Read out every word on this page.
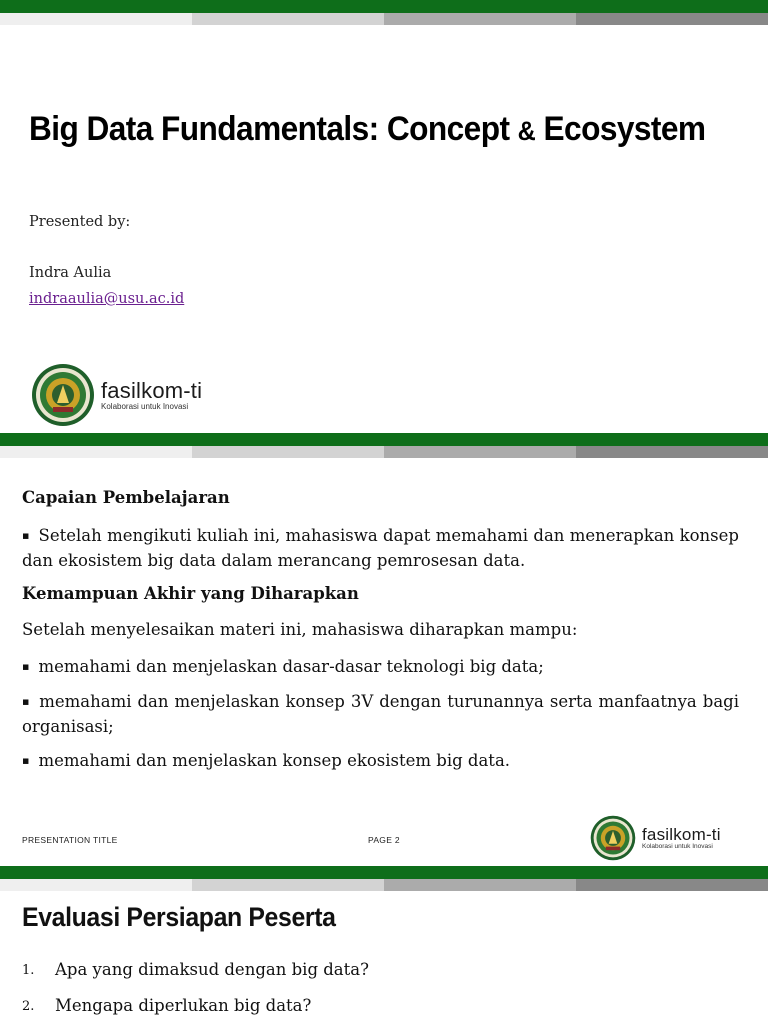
Big Data Fundamentals: Concept & Ecosystem
Presented by:
Indra Aulia
indraaulia@usu.ac.id
fasilkom-ti
Kolaborasi untuk Inovasi
Capaian Pembelajaran

▪ Setelah mengikuti kuliah ini, mahasiswa dapat memahami dan menerapkan konsep dan ekosistem big data dalam merancang pemrosesan data.

Kemampuan Akhir yang Diharapkan

Setelah menyelesaikan materi ini, mahasiswa diharapkan mampu:

▪ memahami dan menjelaskan dasar-dasar teknologi big data;

▪ memahami dan menjelaskan konsep 3V dengan turunannya serta manfaatnya bagi organisasi;

▪ memahami dan menjelaskan konsep ekosistem big data.

PRESENTATION TITLE	PAGE 2	fasilkom-ti
Kolaborasi untuk Inovasi
Evaluasi Persiapan Peserta
1. Apa yang dimaksud dengan big data?
2. Mengapa diperlukan big data?
